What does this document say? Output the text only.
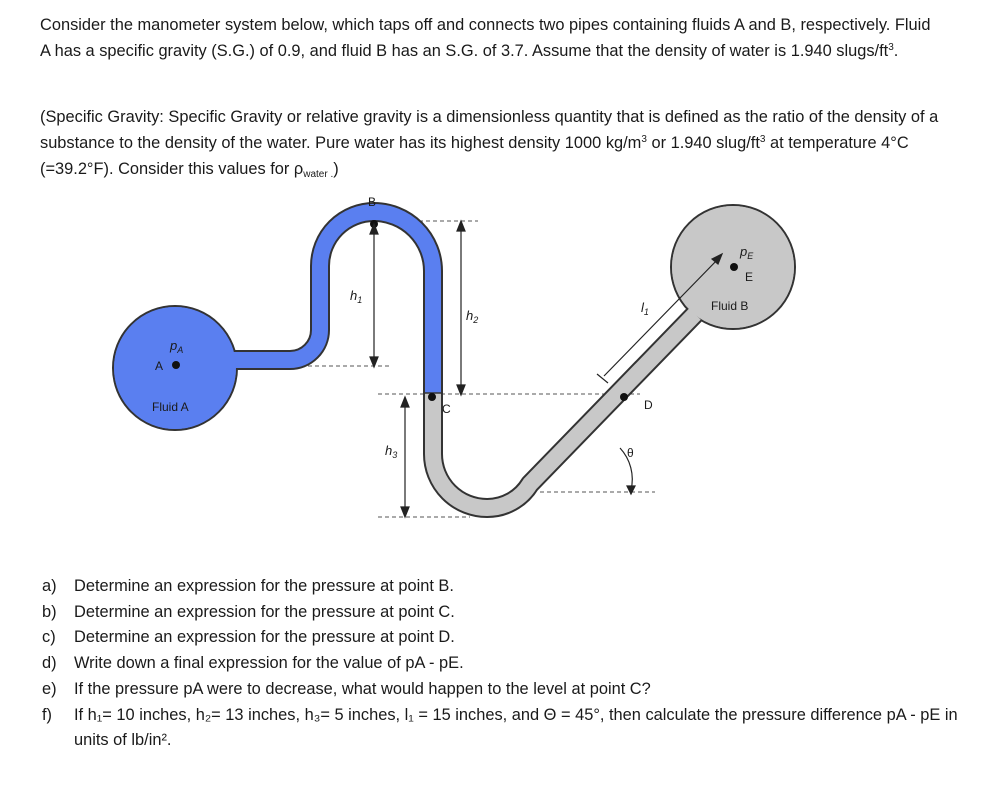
Consider the manometer system below, which taps off and connects two pipes containing fluids A and B, respectively. Fluid A has a specific gravity (S.G.) of 0.9, and fluid B has an S.G. of 3.7. Assume that the density of water is 1.940 slugs/$ft^3$.

(Specific Gravity: Specific Gravity or relative gravity is a dimensionless quantity that is defined as the ratio of the density of a substance to the density of the water. Pure water has its highest density 1000 $kg/m^3$ or 1.940 slug/$ft^3$ at temperature 4°C (=39.2°F). Consider this values for $\rho_{water .}$)

B
C	D
E
A
$p_A$
$p_E$
Fluid A
Fluid B
$h_1$
$h_2$
$h_3$
$l_1$
θ
a) Determine an expression for the pressure at point B.
b) Determine an expression for the pressure at point C.
c) Determine an expression for the pressure at point D.
d) Write down a final expression for the value of pA - pE.
e) If the pressure pA were to decrease, what would happen to the level at point C?
f) If h₁= 10 inches, h₂= 13 inches, h₃= 5 inches, l₁ = 15 inches, and Θ = 45°, then calculate the pressure difference pA - pE in units of lb/in².
